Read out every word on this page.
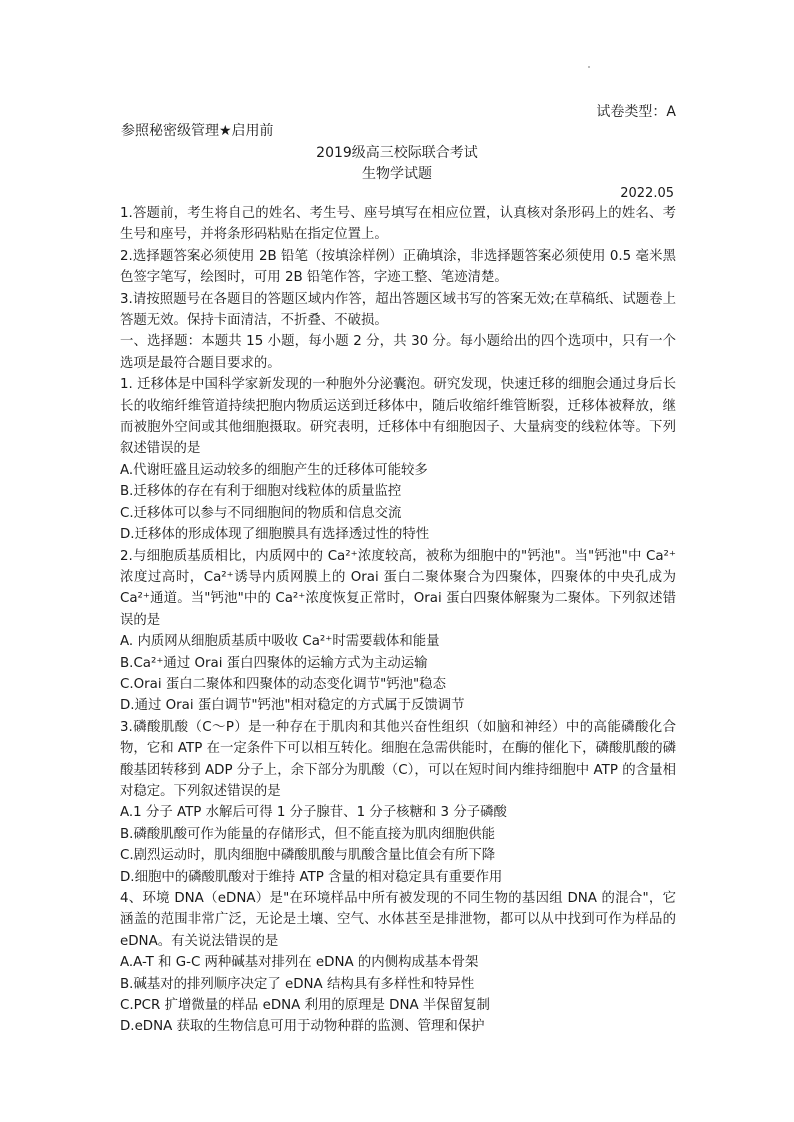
试卷类型：A
参照秘密级管理★启用前
2019级高三校际联合考试
生物学试题
2022.05

1.答题前，考生将自己的姓名、考生号、座号填写在相应位置，认真核对条形码上的姓名、考生号和座号，并将条形码粘贴在指定位置上。

2.选择题答案必须使用 2B 铅笔（按填涂样例）正确填涂，非选择题答案必须使用 0.5 毫米黑色签字笔写，绘图时，可用 2B 铅笔作答，字迹工整、笔迹清楚。

3.请按照题号在各题目的答题区域内作答，超出答题区域书写的答案无效;在草稿纸、试题卷上答题无效。保持卡面清洁，不折叠、不破损。

一、选择题：本题共 15 小题，每小题 2 分，共 30 分。每小题给出的四个选项中，只有一个选项是最符合题目要求的。

1. 迁移体是中国科学家新发现的一种胞外分泌囊泡。研究发现，快速迁移的细胞会通过身后长长的收缩纤维管道持续把胞内物质运送到迁移体中，随后收缩纤维管断裂，迁移体被释放，继而被胞外空间或其他细胞摄取。研究表明，迁移体中有细胞因子、大量病变的线粒体等。下列叙述错误的是

A.代谢旺盛且运动较多的细胞产生的迁移体可能较多

B.迁移体的存在有利于细胞对线粒体的质量监控

C.迁移体可以参与不同细胞间的物质和信息交流

D.迁移体的形成体现了细胞膜具有选择透过性的特性

2.与细胞质基质相比，内质网中的 Ca²⁺浓度较高，被称为细胞中的"钙池"。当"钙池"中 Ca²⁺浓度过高时，Ca²⁺诱导内质网膜上的 Orai 蛋白二聚体聚合为四聚体，四聚体的中央孔成为 Ca²⁺通道。当"钙池"中的 Ca²⁺浓度恢复正常时，Orai 蛋白四聚体解聚为二聚体。下列叙述错误的是

A. 内质网从细胞质基质中吸收 Ca²⁺时需要载体和能量

B.Ca²⁺通过 Orai 蛋白四聚体的运输方式为主动运输

C.Orai 蛋白二聚体和四聚体的动态变化调节"钙池"稳态

D.通过 Orai 蛋白调节"钙池"相对稳定的方式属于反馈调节

3.磷酸肌酸（C～P）是一种存在于肌肉和其他兴奋性组织（如脑和神经）中的高能磷酸化合物，它和 ATP 在一定条件下可以相互转化。细胞在急需供能时，在酶的催化下，磷酸肌酸的磷酸基团转移到 ADP 分子上，余下部分为肌酸（C），可以在短时间内维持细胞中 ATP 的含量相对稳定。下列叙述错误的是

A.1 分子 ATP 水解后可得 1 分子腺苷、1 分子核糖和 3 分子磷酸

B.磷酸肌酸可作为能量的存储形式，但不能直接为肌肉细胞供能

C.剧烈运动时，肌肉细胞中磷酸肌酸与肌酸含量比值会有所下降

D.细胞中的磷酸肌酸对于维持 ATP 含量的相对稳定具有重要作用

4、环境 DNA（eDNA）是"在环境样品中所有被发现的不同生物的基因组 DNA 的混合"，它涵盖的范围非常广泛，无论是土壤、空气、水体甚至是排泄物，都可以从中找到可作为样品的 eDNA。有关说法错误的是

A.A-T 和 G-C 两种碱基对排列在 eDNA 的内侧构成基本骨架

B.碱基对的排列顺序决定了 eDNA 结构具有多样性和特异性

C.PCR 扩增微量的样品 eDNA 利用的原理是 DNA 半保留复制

D.eDNA 获取的生物信息可用于动物种群的监测、管理和保护
